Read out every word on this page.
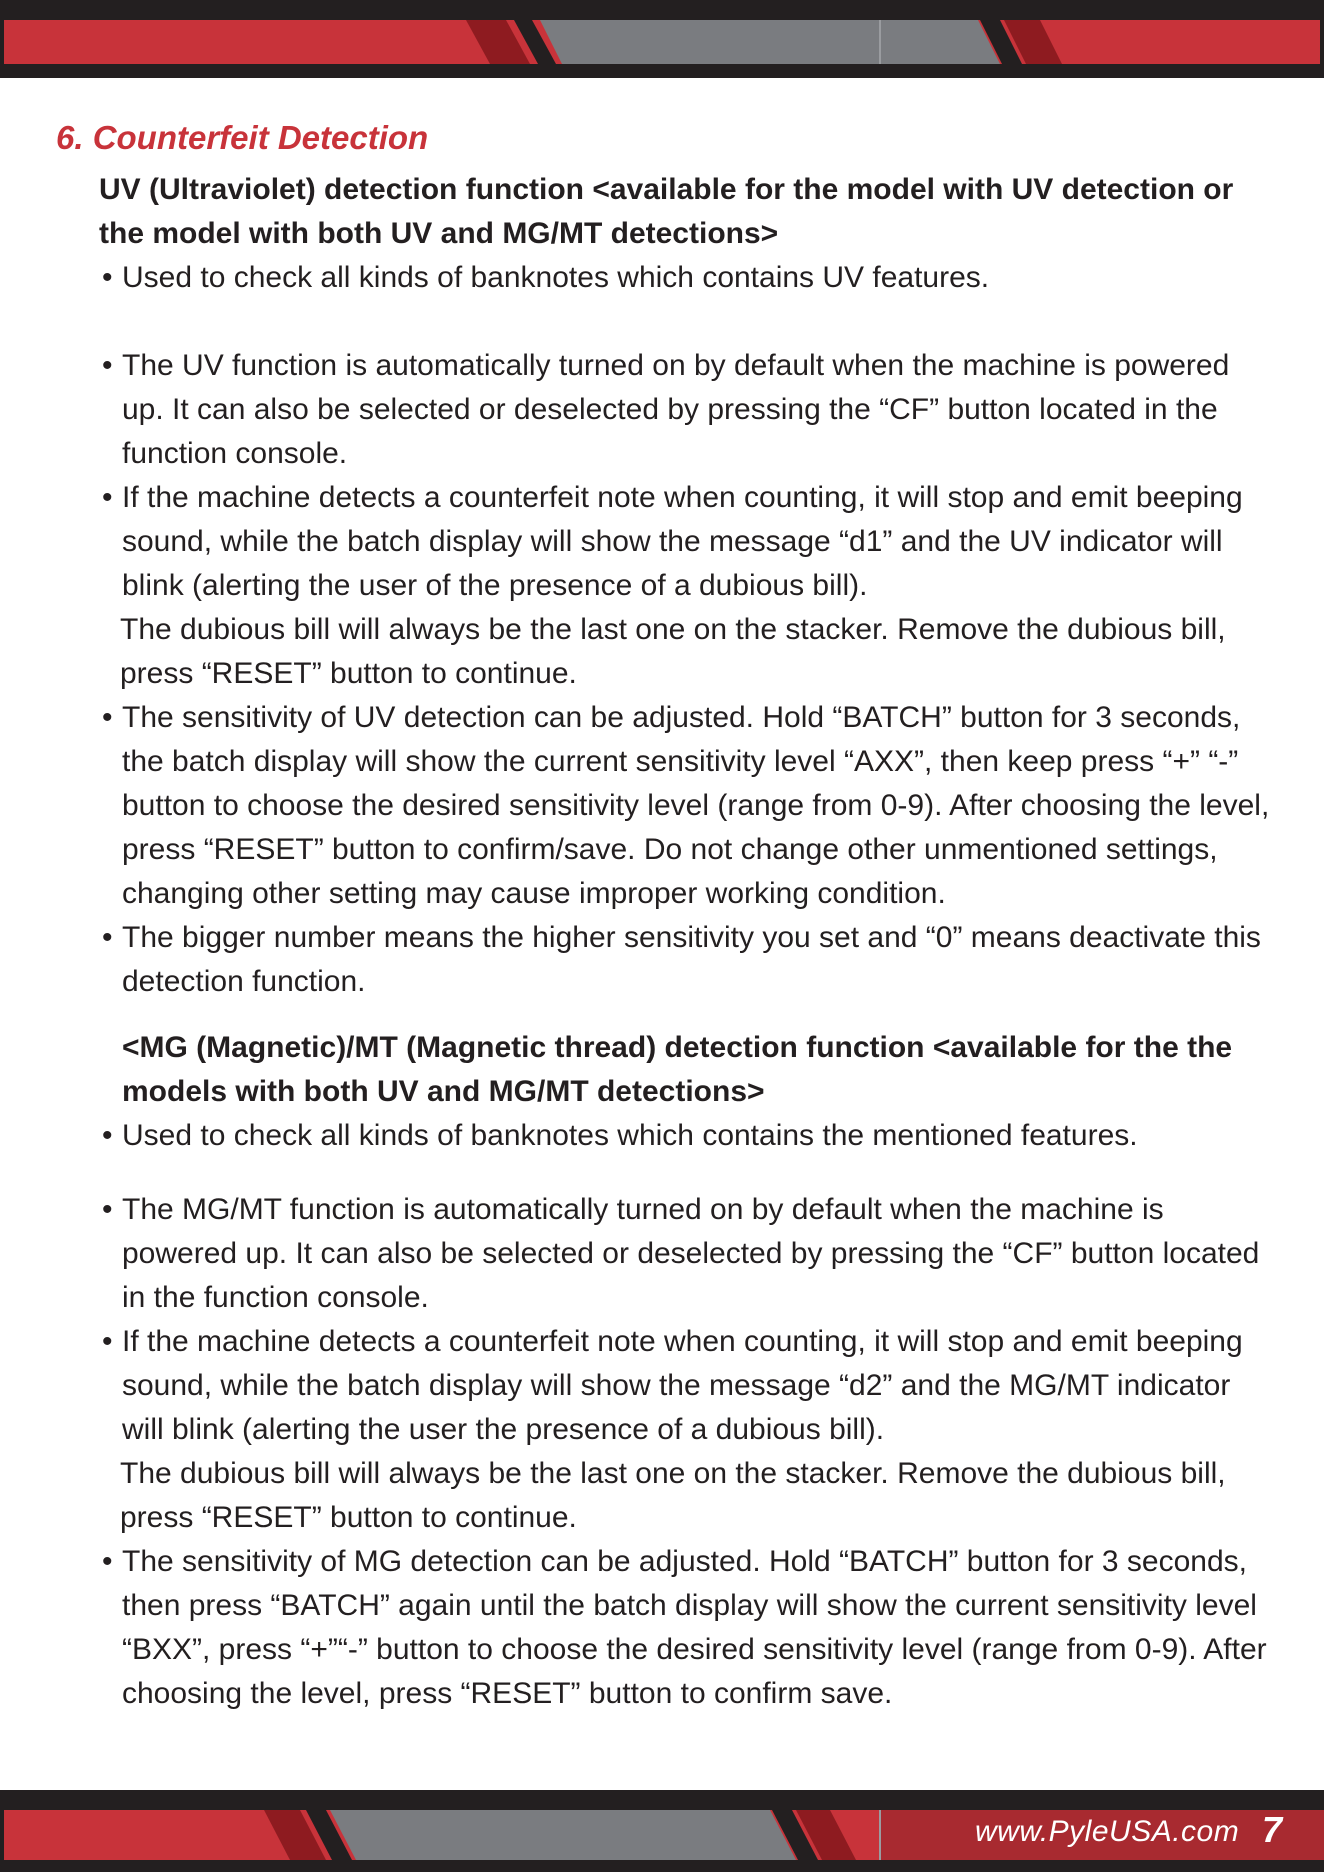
6. Counterfeit Detection
UV (Ultraviolet) detection function <available for the model with UV detection or the model with both UV and MG/MT detections>
• Used to check all kinds of banknotes which contains UV features.

• The UV function is automatically turned on by default when the machine is powered up. It can also be selected or deselected by pressing the “CF” button located in the function console.

• If the machine detects a counterfeit note when counting, it will stop and emit beeping sound, while the batch display will show the message “d1” and the UV indicator will blink (alerting the user of the presence of a dubious bill).

The dubious bill will always be the last one on the stacker. Remove the dubious bill, press “RESET” button to continue.

• The sensitivity of UV detection can be adjusted. Hold “BATCH” button for 3 seconds, the batch display will show the current sensitivity level “AXX”, then keep press “+” “-” button to choose the desired sensitivity level (range from 0-9). After choosing the level, press “RESET” button to confirm/save. Do not change other unmentioned settings, changing other setting may cause improper working condition.

• The bigger number means the higher sensitivity you set and “0” means deactivate this detection function.

<MG (Magnetic)/MT (Magnetic thread) detection function <available for the the models with both UV and MG/MT detections>
• Used to check all kinds of banknotes which contains the mentioned features.

• The MG/MT function is automatically turned on by default when the machine is powered up. It can also be selected or deselected by pressing the “CF” button located in the function console.

• If the machine detects a counterfeit note when counting, it will stop and emit beeping sound, while the batch display will show the message “d2” and the MG/MT indicator will blink (alerting the user the presence of a dubious bill).

The dubious bill will always be the last one on the stacker. Remove the dubious bill, press “RESET” button to continue.

• The sensitivity of MG detection can be adjusted. Hold “BATCH” button for 3 seconds, then press “BATCH” again until the batch display will show the current sensitivity level “BXX”, press “+”“-” button to choose the desired sensitivity level (range from 0-9). After choosing the level, press “RESET” button to confirm save.

www.PyleUSA.com 7
